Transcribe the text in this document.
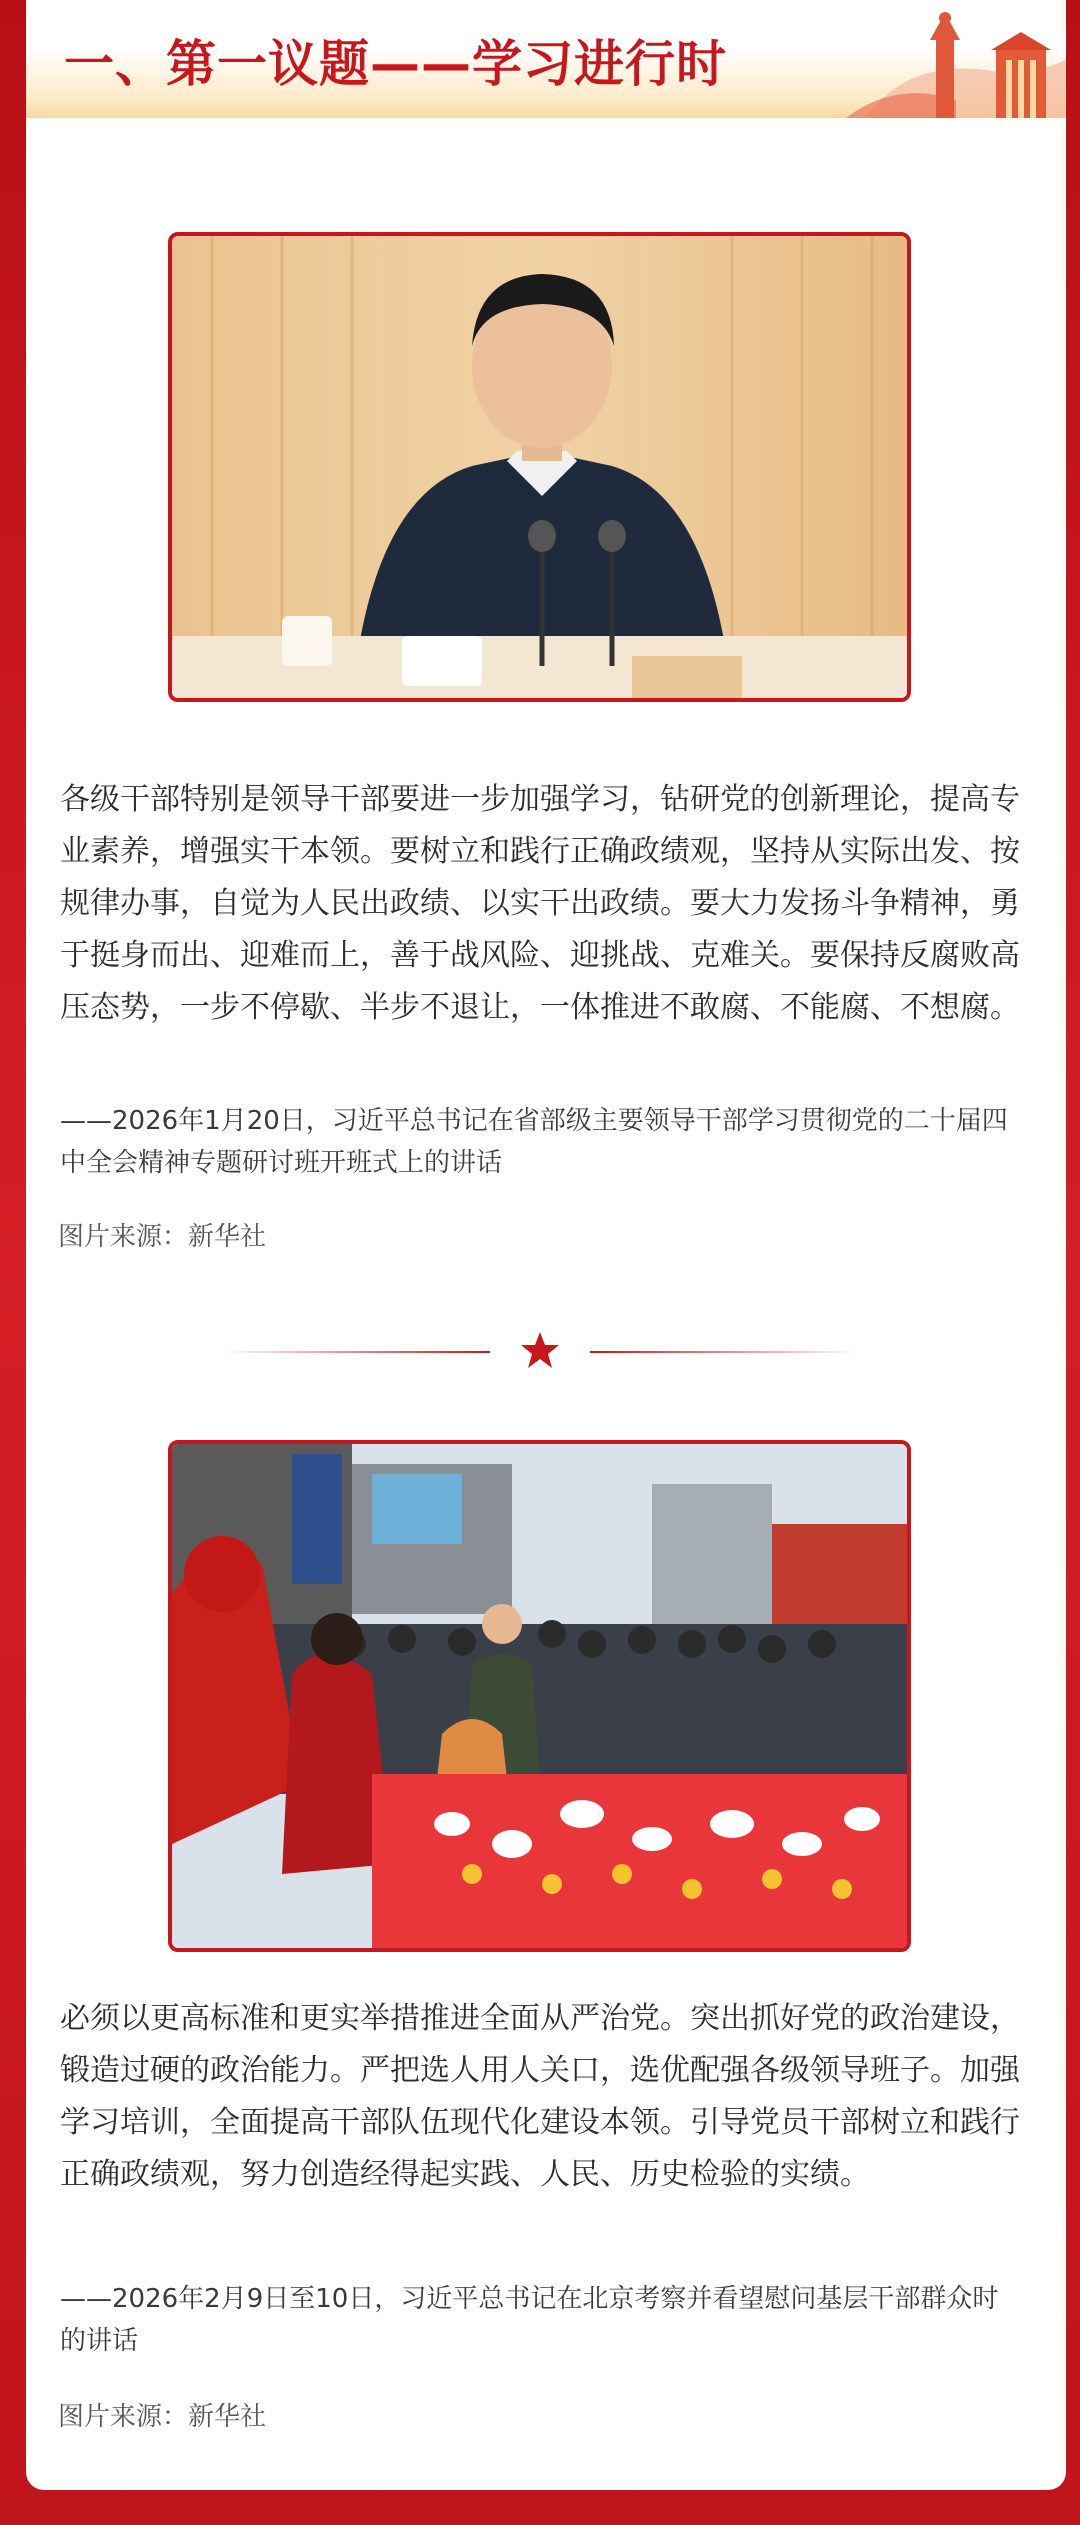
一、第一议题——学习进行时
各级干部特别是领导干部要进一步加强学习，钻研党的创新理论，提高专业素养，增强实干本领。要树立和践行正确政绩观，坚持从实际出发、按规律办事，自觉为人民出政绩、以实干出政绩。要大力发扬斗争精神，勇于挺身而出、迎难而上，善于战风险、迎挑战、克难关。要保持反腐败高压态势，一步不停歇、半步不退让，一体推进不敢腐、不能腐、不想腐。
——2026年1月20日，习近平总书记在省部级主要领导干部学习贯彻党的二十届四中全会精神专题研讨班开班式上的讲话
图片来源：新华社
必须以更高标准和更实举措推进全面从严治党。突出抓好党的政治建设，锻造过硬的政治能力。严把选人用人关口，选优配强各级领导班子。加强学习培训，全面提高干部队伍现代化建设本领。引导党员干部树立和践行正确政绩观，努力创造经得起实践、人民、历史检验的实绩。
——2026年2月9日至10日，习近平总书记在北京考察并看望慰问基层干部群众时的讲话
图片来源：新华社
